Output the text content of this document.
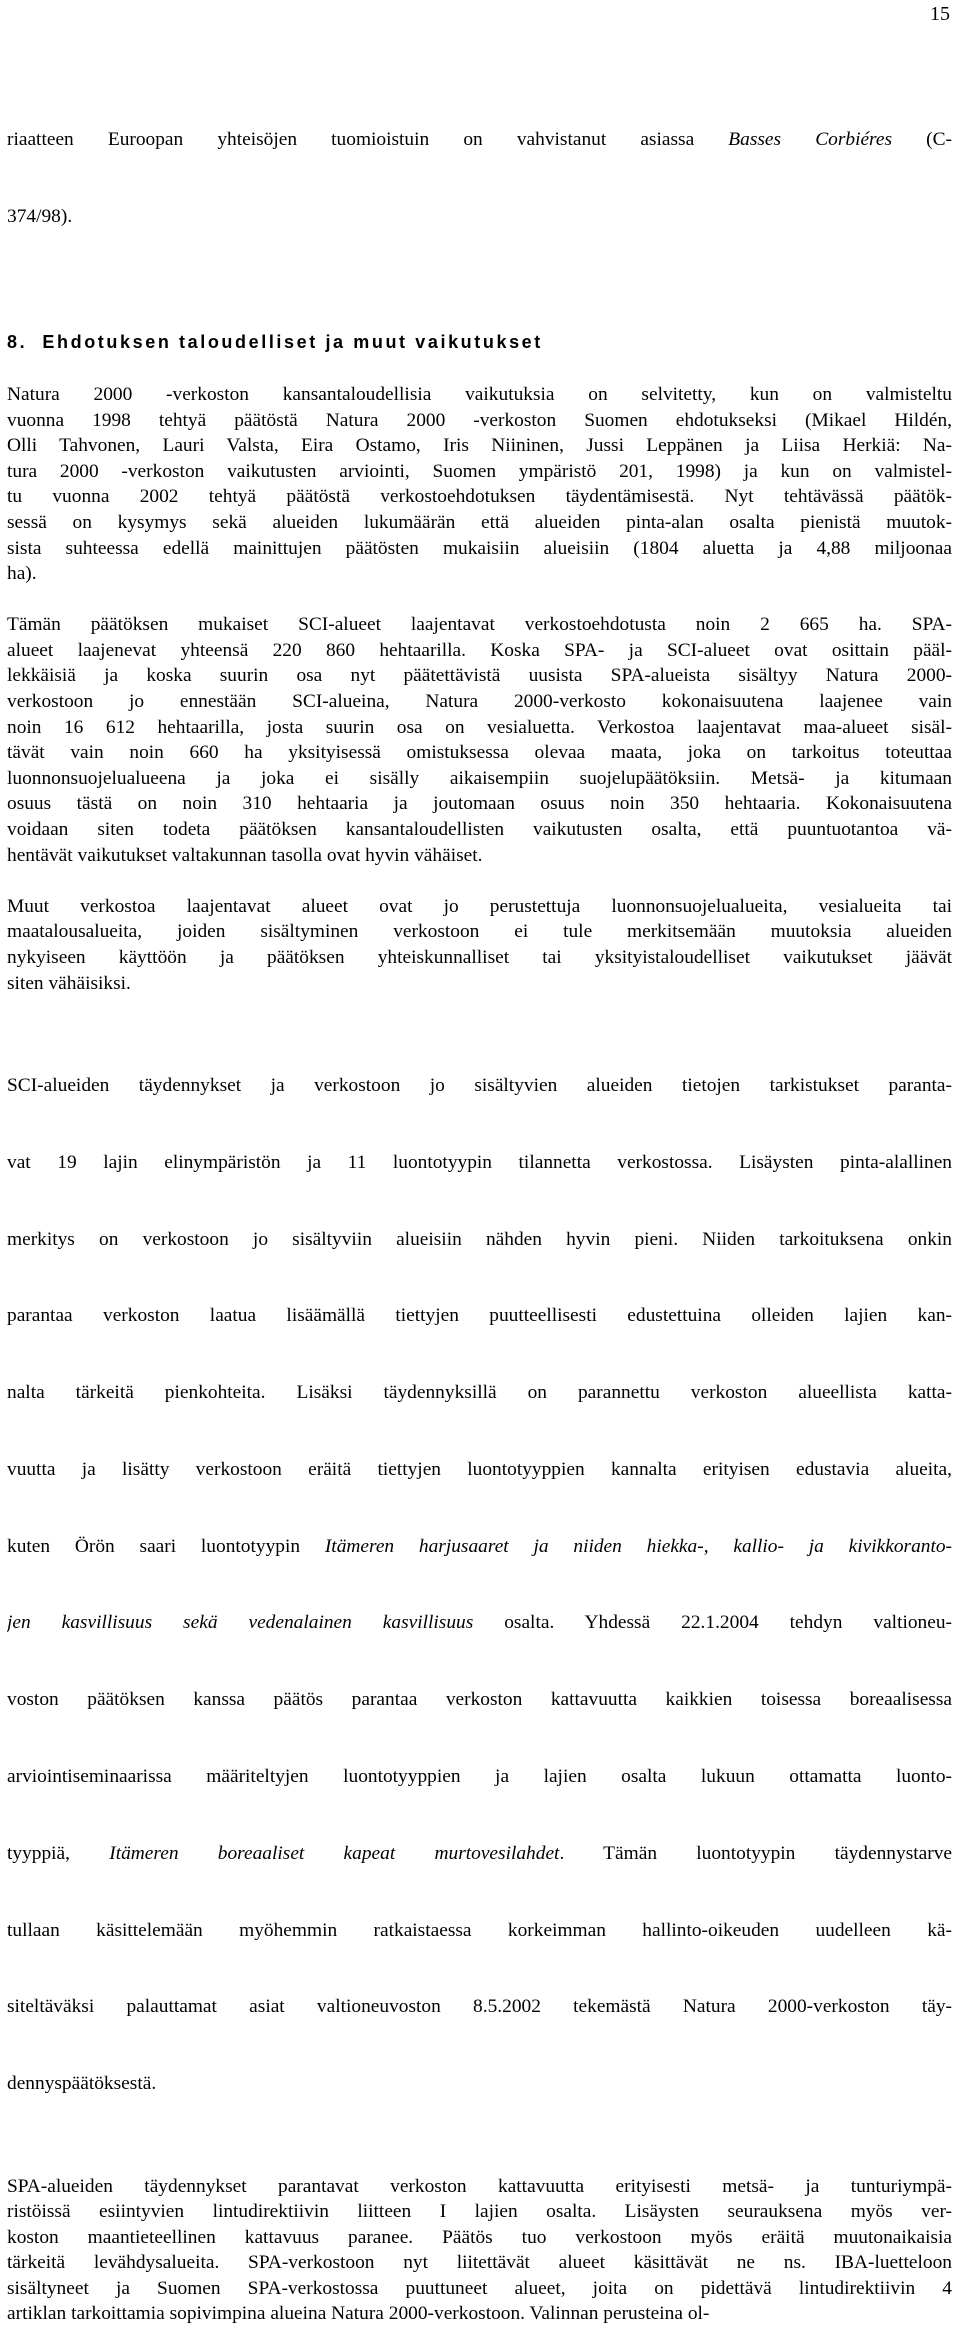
15

riaatteen Euroopan yhteisöjen tuomioistuin on vahvistanut asiassa Basses Corbiéres (C-

374/98).

8.  Ehdotuksen taloudelliset ja muut vaikutukset
Natura 2000 -verkoston kansantaloudellisia vaikutuksia on selvitetty, kun on valmisteltu
vuonna 1998 tehtyä päätöstä Natura 2000 -verkoston Suomen ehdotukseksi (Mikael Hildén,
Olli Tahvonen, Lauri Valsta, Eira Ostamo, Iris Niininen, Jussi Leppänen ja Liisa Herkiä: Na-
tura 2000 -verkoston vaikutusten arviointi, Suomen ympäristö 201, 1998) ja kun on valmistel-
tu vuonna 2002 tehtyä päätöstä verkostoehdotuksen täydentämisestä. Nyt tehtävässä päätök-
sessä on kysymys sekä alueiden lukumäärän että alueiden pinta-alan osalta pienistä muutok-
sista suhteessa edellä mainittujen päätösten mukaisiin alueisiin (1804 aluetta ja 4,88 miljoonaa
ha).
Tämän päätöksen mukaiset SCI-alueet laajentavat verkostoehdotusta noin 2 665 ha. SPA-
alueet laajenevat yhteensä 220 860 hehtaarilla. Koska SPA- ja SCI-alueet ovat osittain pääl-
lekkäisiä ja koska suurin osa nyt päätettävistä uusista SPA-alueista sisältyy Natura 2000-
verkostoon jo ennestään SCI-alueina, Natura 2000-verkosto kokonaisuutena laajenee vain
noin 16 612 hehtaarilla, josta suurin osa on vesialuetta. Verkostoa laajentavat maa-alueet sisäl-
tävät vain noin 660 ha yksityisessä omistuksessa olevaa maata, joka on tarkoitus toteuttaa
luonnonsuojelualueena ja joka ei sisälly aikaisempiin suojelupäätöksiin. Metsä- ja kitumaan
osuus tästä on noin 310 hehtaaria ja joutomaan osuus noin 350 hehtaaria. Kokonaisuutena
voidaan siten todeta päätöksen kansantaloudellisten vaikutusten osalta, että puuntuotantoa vä-
hentävät vaikutukset valtakunnan tasolla ovat hyvin vähäiset.
Muut verkostoa laajentavat alueet ovat jo perustettuja luonnonsuojelualueita, vesialueita tai
maatalousalueita, joiden sisältyminen verkostoon ei tule merkitsemään muutoksia alueiden
nykyiseen käyttöön ja päätöksen yhteiskunnalliset tai yksityistaloudelliset vaikutukset jäävät
siten vähäisiksi.

SCI-alueiden täydennykset ja verkostoon jo sisältyvien alueiden tietojen tarkistukset paranta-

vat 19 lajin elinympäristön ja 11 luontotyypin tilannetta verkostossa. Lisäysten pinta-alallinen

merkitys on verkostoon jo sisältyviin alueisiin nähden hyvin pieni. Niiden tarkoituksena onkin

parantaa verkoston laatua lisäämällä tiettyjen puutteellisesti edustettuina olleiden lajien kan-

nalta tärkeitä pienkohteita. Lisäksi täydennyksillä on parannettu verkoston alueellista katta-

vuutta ja lisätty verkostoon eräitä tiettyjen luontotyyppien kannalta erityisen edustavia alueita,

kuten Örön saari luontotyypin Itämeren harjusaaret ja niiden hiekka-, kallio- ja kivikkoranto-

jen kasvillisuus sekä vedenalainen kasvillisuus osalta. Yhdessä 22.1.2004 tehdyn valtioneu-

voston päätöksen kanssa päätös parantaa verkoston kattavuutta kaikkien toisessa boreaalisessa

arviointiseminaarissa määriteltyjen luontotyyppien ja lajien osalta lukuun ottamatta luonto-

tyyppiä, Itämeren boreaaliset kapeat murtovesilahdet. Tämän luontotyypin täydennystarve

tullaan käsittelemään myöhemmin ratkaistaessa korkeimman hallinto-oikeuden uudelleen kä-

siteltäväksi palauttamat asiat valtioneuvoston 8.5.2002 tekemästä Natura 2000-verkoston täy-

dennyspäätöksestä.

SPA-alueiden täydennykset parantavat verkoston kattavuutta erityisesti metsä- ja tunturiympä-
ristöissä esiintyvien lintudirektiivin liitteen I lajien osalta. Lisäysten seurauksena myös ver-
koston maantieteellinen kattavuus paranee. Päätös tuo verkostoon myös eräitä muutonaikaisia
tärkeitä levähdysalueita. SPA-verkostoon nyt liitettävät alueet käsittävät ne ns. IBA-luetteloon
sisältyneet ja Suomen SPA-verkostossa puuttuneet alueet, joita on pidettävä lintudirektiivin 4
artiklan tarkoittamia sopivimpina alueina Natura 2000-verkostoon. Valinnan perusteina ol-
